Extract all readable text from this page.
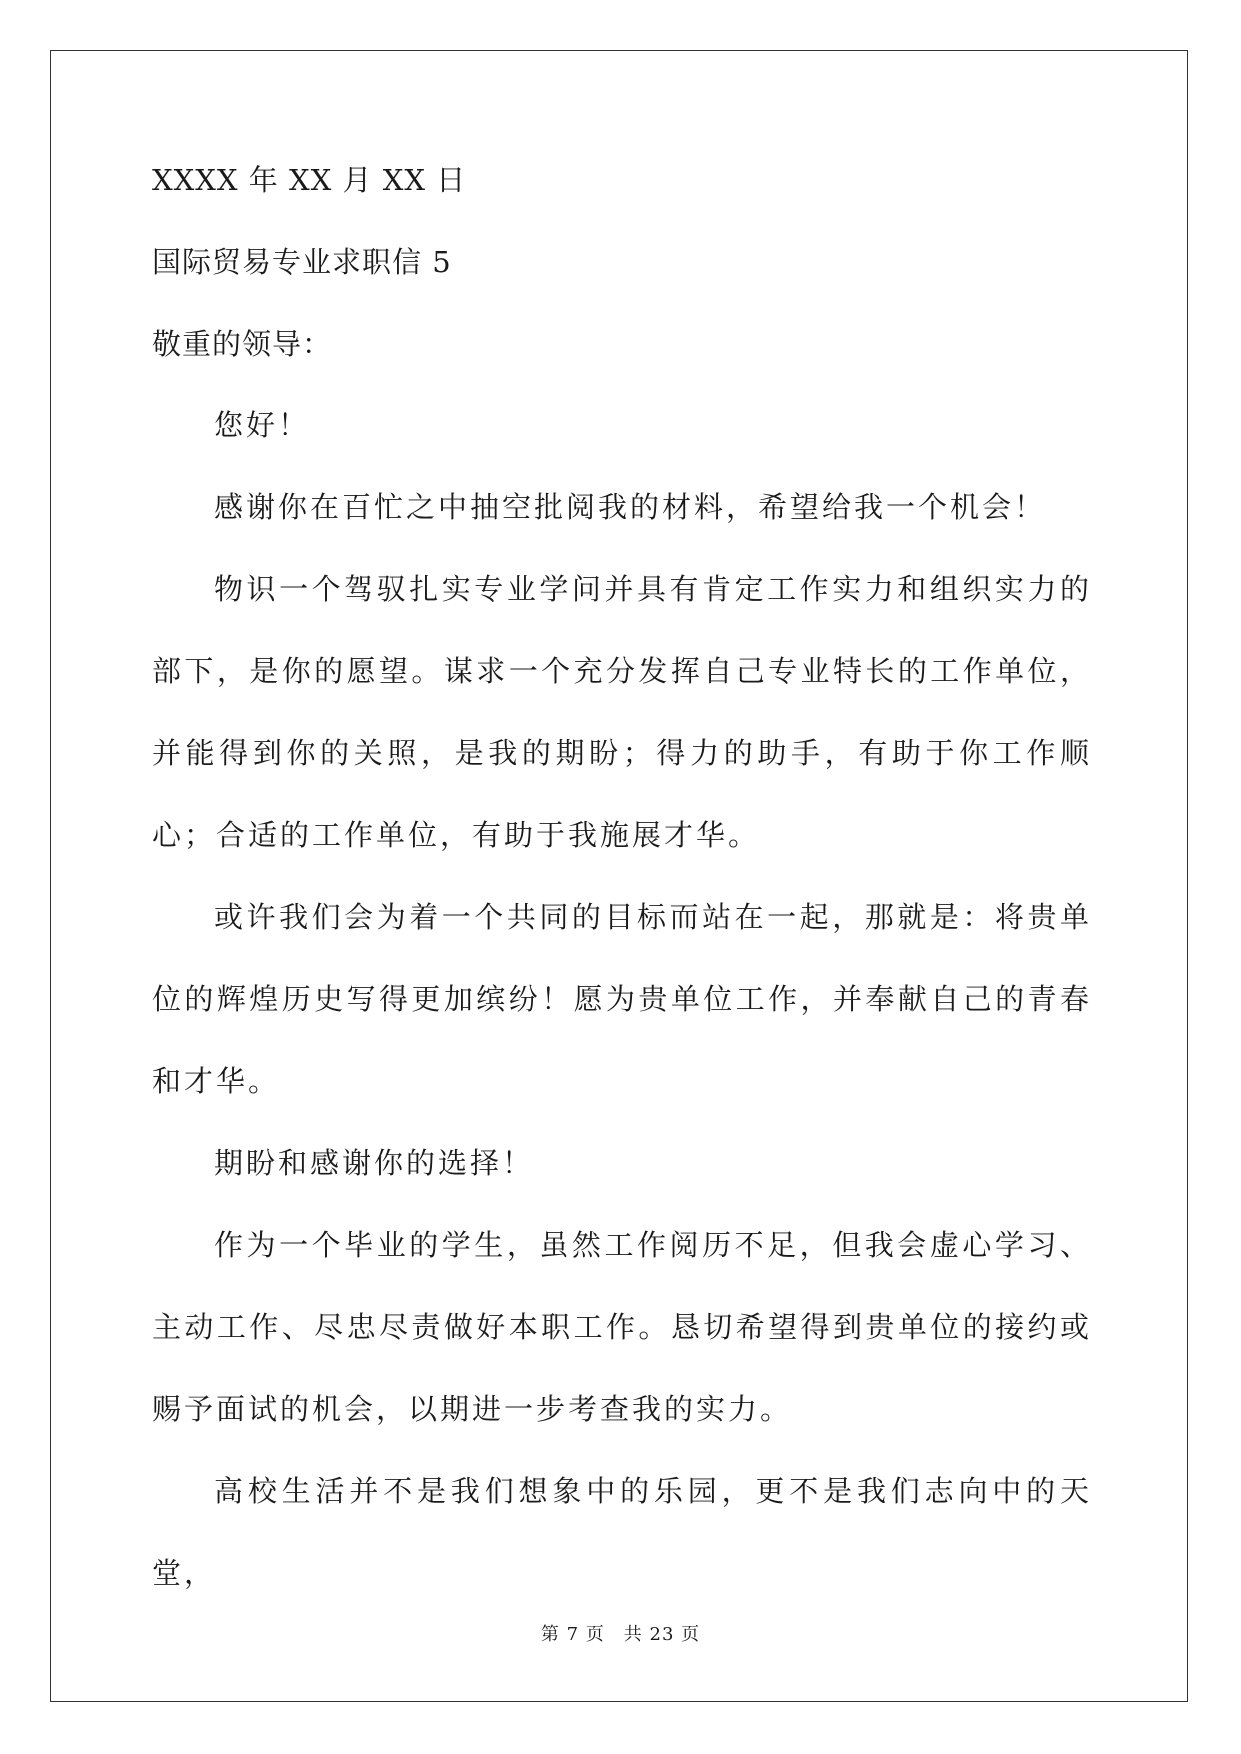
XXXX 年 XX 月 XX 日
国际贸易专业求职信 5
敬重的领导：

您好！

感谢你在百忙之中抽空批阅我的材料，希望给我一个机会！

物识一个驾驭扎实专业学问并具有肯定工作实力和组织实力的部下，是你的愿望。谋求一个充分发挥自己专业特长的工作单位，并能得到你的关照，是我的期盼；得力的助手，有助于你工作顺心；合适的工作单位，有助于我施展才华。

或许我们会为着一个共同的目标而站在一起，那就是：将贵单位的辉煌历史写得更加缤纷！愿为贵单位工作，并奉献自己的青春和才华。

期盼和感谢你的选择！

作为一个毕业的学生，虽然工作阅历不足，但我会虚心学习、主动工作、尽忠尽责做好本职工作。恳切希望得到贵单位的接约或赐予面试的机会，以期进一步考查我的实力。

高校生活并不是我们想象中的乐园，更不是我们志向中的天堂，

第 7 页　共 23 页
